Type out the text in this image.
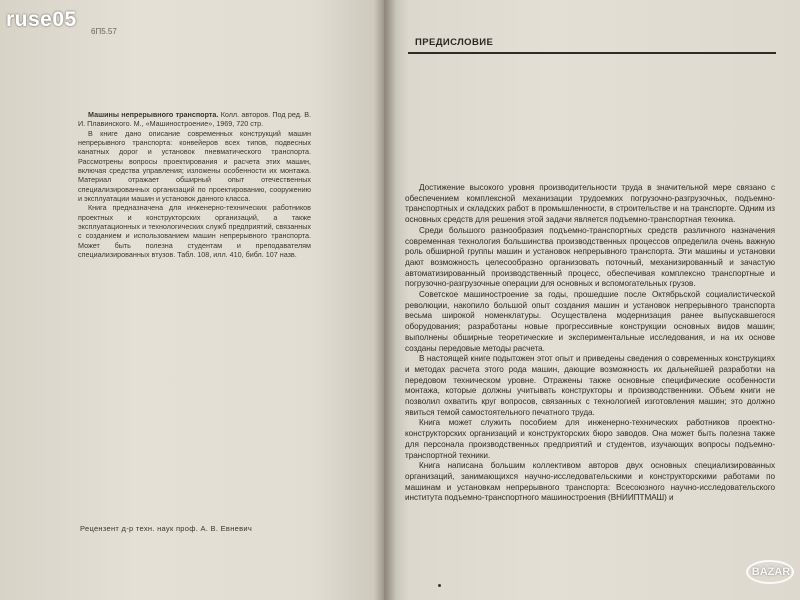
ruse05
6П5.57

Машины непрерывного транспорта. Колл. авторов. Под ред. В. И. Плавинского. М., «Машиностроение», 1969, 720 стр.

В книге дано описание современных конструкций машин непрерывного транспорта: конвейеров всех типов, подвесных канатных дорог и установок пневматического транспорта. Рассмотрены вопросы проектирования и расчета этих машин, включая средства управления; изложены особенности их монтажа. Материал отражает обширный опыт отечественных специализированных организаций по проектированию, сооружению и эксплуатации машин и установок данного класса.

Книга предназначена для инженерно-технических работников проектных и конструкторских организаций, а также эксплуатационных и технологических служб предприятий, связанных с созданием и использованием машин непрерывного транспорта. Может быть полезна студентам и преподавателям специализированных втузов. Табл. 108, илл. 410, библ. 107 назв.

Рецензент д-р техн. наук проф. А. В. Евневич
ПРЕДИСЛОВИЕ

Достижение высокого уровня производительности труда в значительной мере связано с обеспечением комплексной механизации трудоемких погрузочно-разгрузочных, подъемно-транспортных и складских работ в промышленности, в строительстве и на транспорте. Одним из основных средств для решения этой задачи является подъемно-транспортная техника.

Среди большого разнообразия подъемно-транспортных средств различного назначения современная технология большинства производственных процессов определила очень важную роль обширной группы машин и установок непрерывного транспорта. Эти машины и установки дают возможность целесообразно организовать поточный, механизированный и зачастую автоматизированный производственный процесс, обеспечивая комплексно транспортные и погрузочно-разгрузочные операции для основных и вспомогательных грузов.

Советское машиностроение за годы, прошедшие после Октябрьской социалистической революции, накопило большой опыт создания машин и установок непрерывного транспорта весьма широкой номенклатуры. Осуществлена модернизация ранее выпускавшегося оборудования; разработаны новые прогрессивные конструкции основных видов машин; выполнены обширные теоретические и экспериментальные исследования, и на их основе созданы передовые методы расчета.

В настоящей книге подытожен этот опыт и приведены сведения о современных конструкциях и методах расчета этого рода машин, дающие возможность их дальнейшей разработки на передовом техническом уровне. Отражены также основные специфические особенности монтажа, которые должны учитывать конструкторы и производственники. Объем книги не позволил охватить круг вопросов, связанных с технологией изготовления машин; это должно явиться темой самостоятельного печатного труда.

Книга может служить пособием для инженерно-технических работников проектно-конструкторских организаций и конструкторских бюро заводов. Она может быть полезна также для персонала производственных предприятий и студентов, изучающих вопросы подъемно-транспортной техники.

Книга написана большим коллективом авторов двух основных специализированных организаций, занимающихся научно-исследовательскими и конструкторскими работами по машинам и установкам непрерывного транспорта: Всесоюзного научно-исследовательского института подъемно-транспортного машиностроения (ВНИИПТМАШ) и

BAZAR
